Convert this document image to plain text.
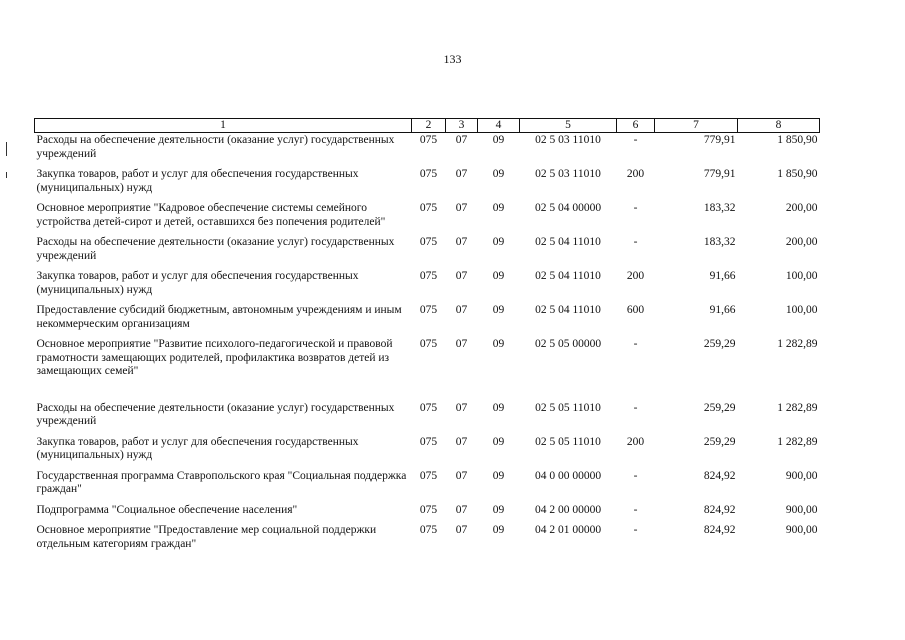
133
1	2	3	4	5	6	7	8
Расходы на обеспечение деятельности (оказание услуг) государственных учреждений	075	07	09	02 5 03 11010	-	779,91	1 850,90
Закупка товаров, работ и услуг для обеспечения государственных (муниципальных) нужд	075	07	09	02 5 03 11010	200	779,91	1 850,90
Основное мероприятие "Кадровое обеспечение системы семейного устройства детей-сирот и детей, оставшихся без попечения родителей"	075	07	09	02 5 04 00000	-	183,32	200,00
Расходы на обеспечение деятельности (оказание услуг) государственных учреждений	075	07	09	02 5 04 11010	-	183,32	200,00
Закупка товаров, работ и услуг для обеспечения государственных (муниципальных) нужд	075	07	09	02 5 04 11010	200	91,66	100,00
Предоставление субсидий бюджетным, автономным учреждениям и иным некоммерческим организациям	075	07	09	02 5 04 11010	600	91,66	100,00
Основное мероприятие "Развитие психолого-педагогической и правовой грамотности замещающих родителей, профилактика возвратов детей из замещающих семей"	075	07	09	02 5 05 00000	-	259,29	1 282,89
Расходы на обеспечение деятельности (оказание услуг) государственных учреждений	075	07	09	02 5 05 11010	-	259,29	1 282,89
Закупка товаров, работ и услуг для обеспечения государственных (муниципальных) нужд	075	07	09	02 5 05 11010	200	259,29	1 282,89
Государственная программа Ставропольского края "Социальная поддержка граждан"	075	07	09	04 0 00 00000	-	824,92	900,00
Подпрограмма "Социальное обеспечение населения"	075	07	09	04 2 00 00000	-	824,92	900,00
Основное мероприятие "Предоставление мер социальной поддержки отдельным категориям граждан"	075	07	09	04 2 01 00000	-	824,92	900,00
